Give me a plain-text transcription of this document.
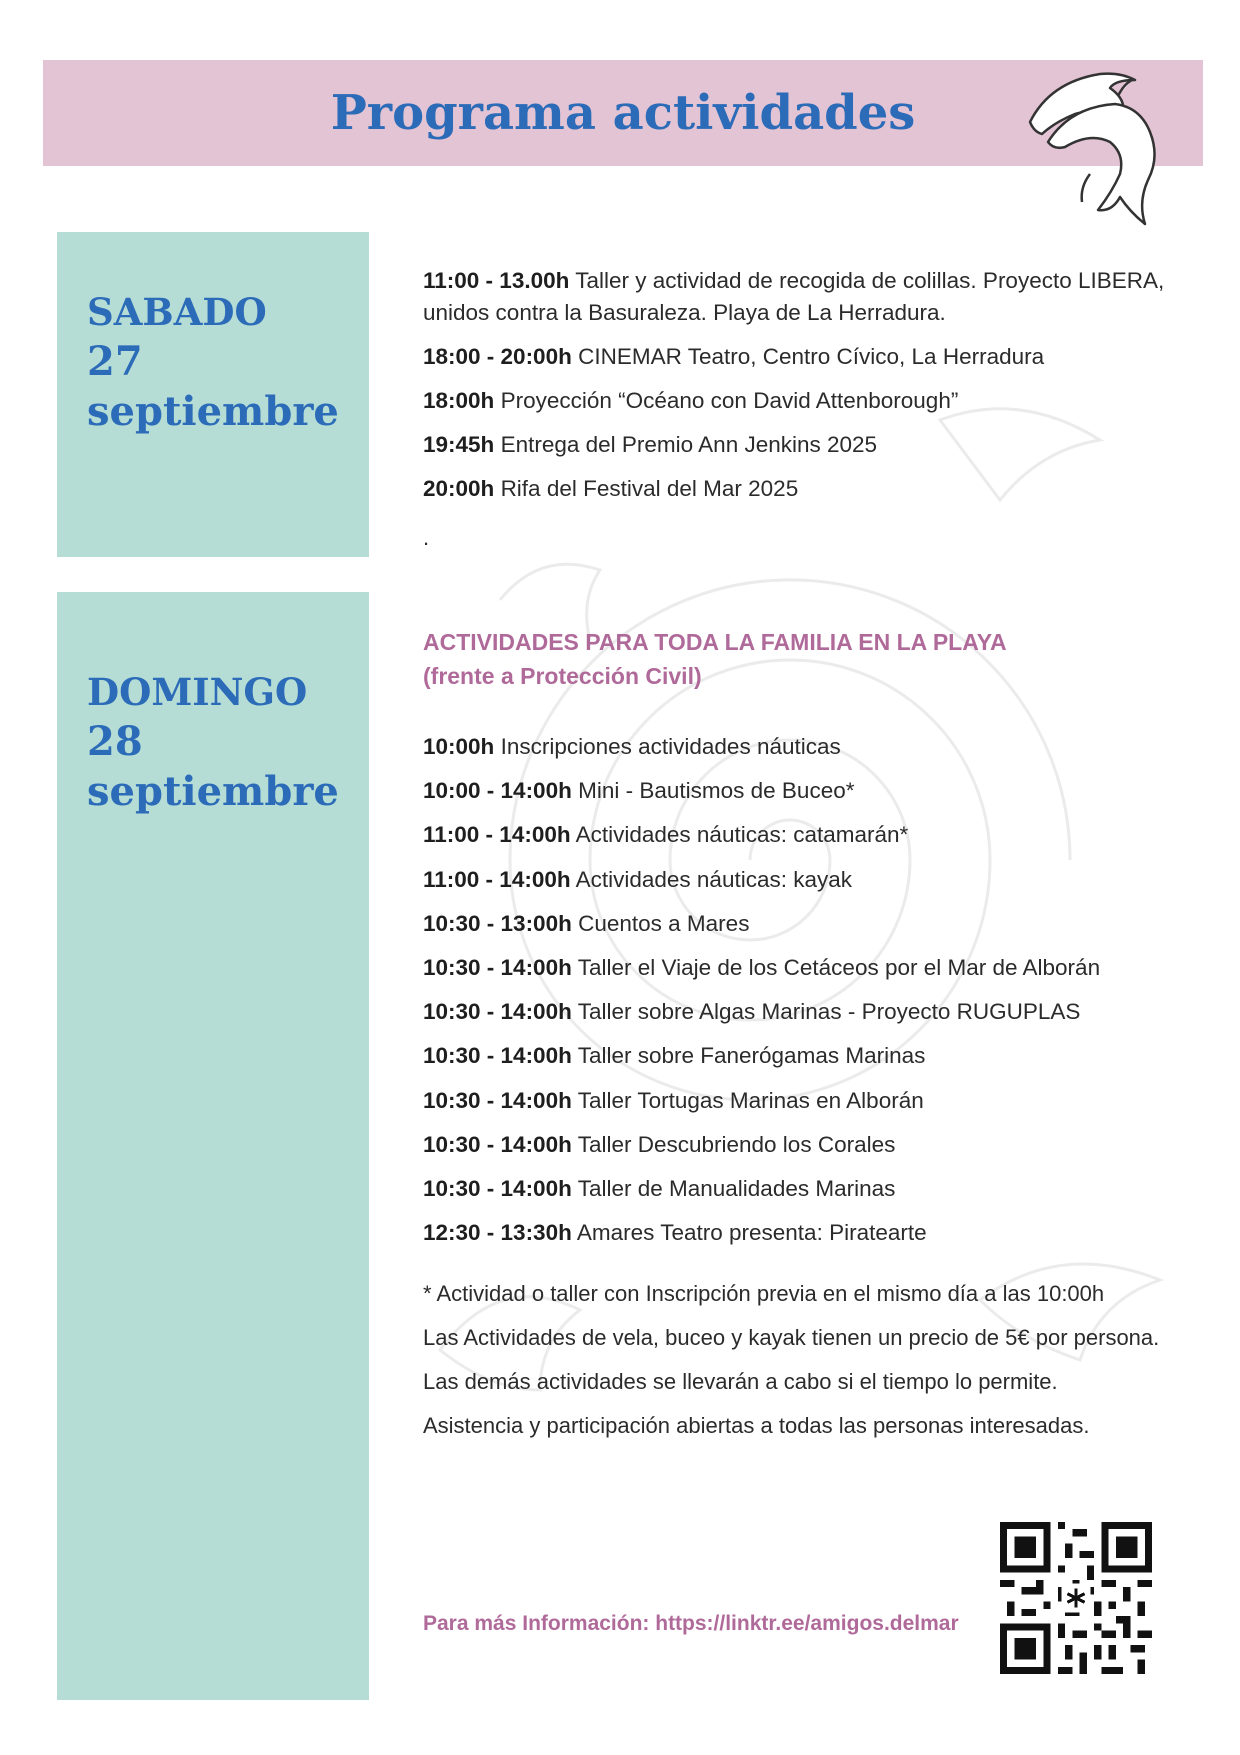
Programa actividades
SABADO
27 septiembre
11:00 - 13.00h Taller y actividad de recogida de colillas. Proyecto LIBERA, unidos contra la Basuraleza. Playa de La Herradura.
18:00 - 20:00h CINEMAR Teatro, Centro Cívico, La Herradura
18:00h Proyección “Océano con David Attenborough”
19:45h Entrega del Premio Ann Jenkins 2025
20:00h Rifa del Festival del Mar 2025
.
DOMINGO
28 septiembre
ACTIVIDADES PARA TODA LA FAMILIA EN LA PLAYA
(frente a Protección Civil)
10:00h Inscripciones actividades náuticas
10:00 - 14:00h Mini - Bautismos de Buceo*
11:00 - 14:00h Actividades náuticas: catamarán*
11:00 - 14:00h Actividades náuticas: kayak
10:30 - 13:00h Cuentos a Mares
10:30 - 14:00h Taller el Viaje de los Cetáceos por el Mar de Alborán
10:30 - 14:00h Taller sobre Algas Marinas - Proyecto RUGUPLAS
10:30 - 14:00h Taller sobre Fanerógamas Marinas
10:30 - 14:00h Taller Tortugas Marinas en Alborán
10:30 - 14:00h Taller Descubriendo los Corales
10:30 - 14:00h Taller de Manualidades Marinas
12:30 - 13:30h Amares Teatro presenta: Piratearte

* Actividad o taller con Inscripción previa en el mismo día a las 10:00h

Las Actividades de vela, buceo y kayak tienen un precio de 5€ por persona.

Las demás actividades se llevarán a cabo si el tiempo lo permite.

Asistencia y participación abiertas a todas las personas interesadas.

Para más Información: https://linktr.ee/amigos.delmar
